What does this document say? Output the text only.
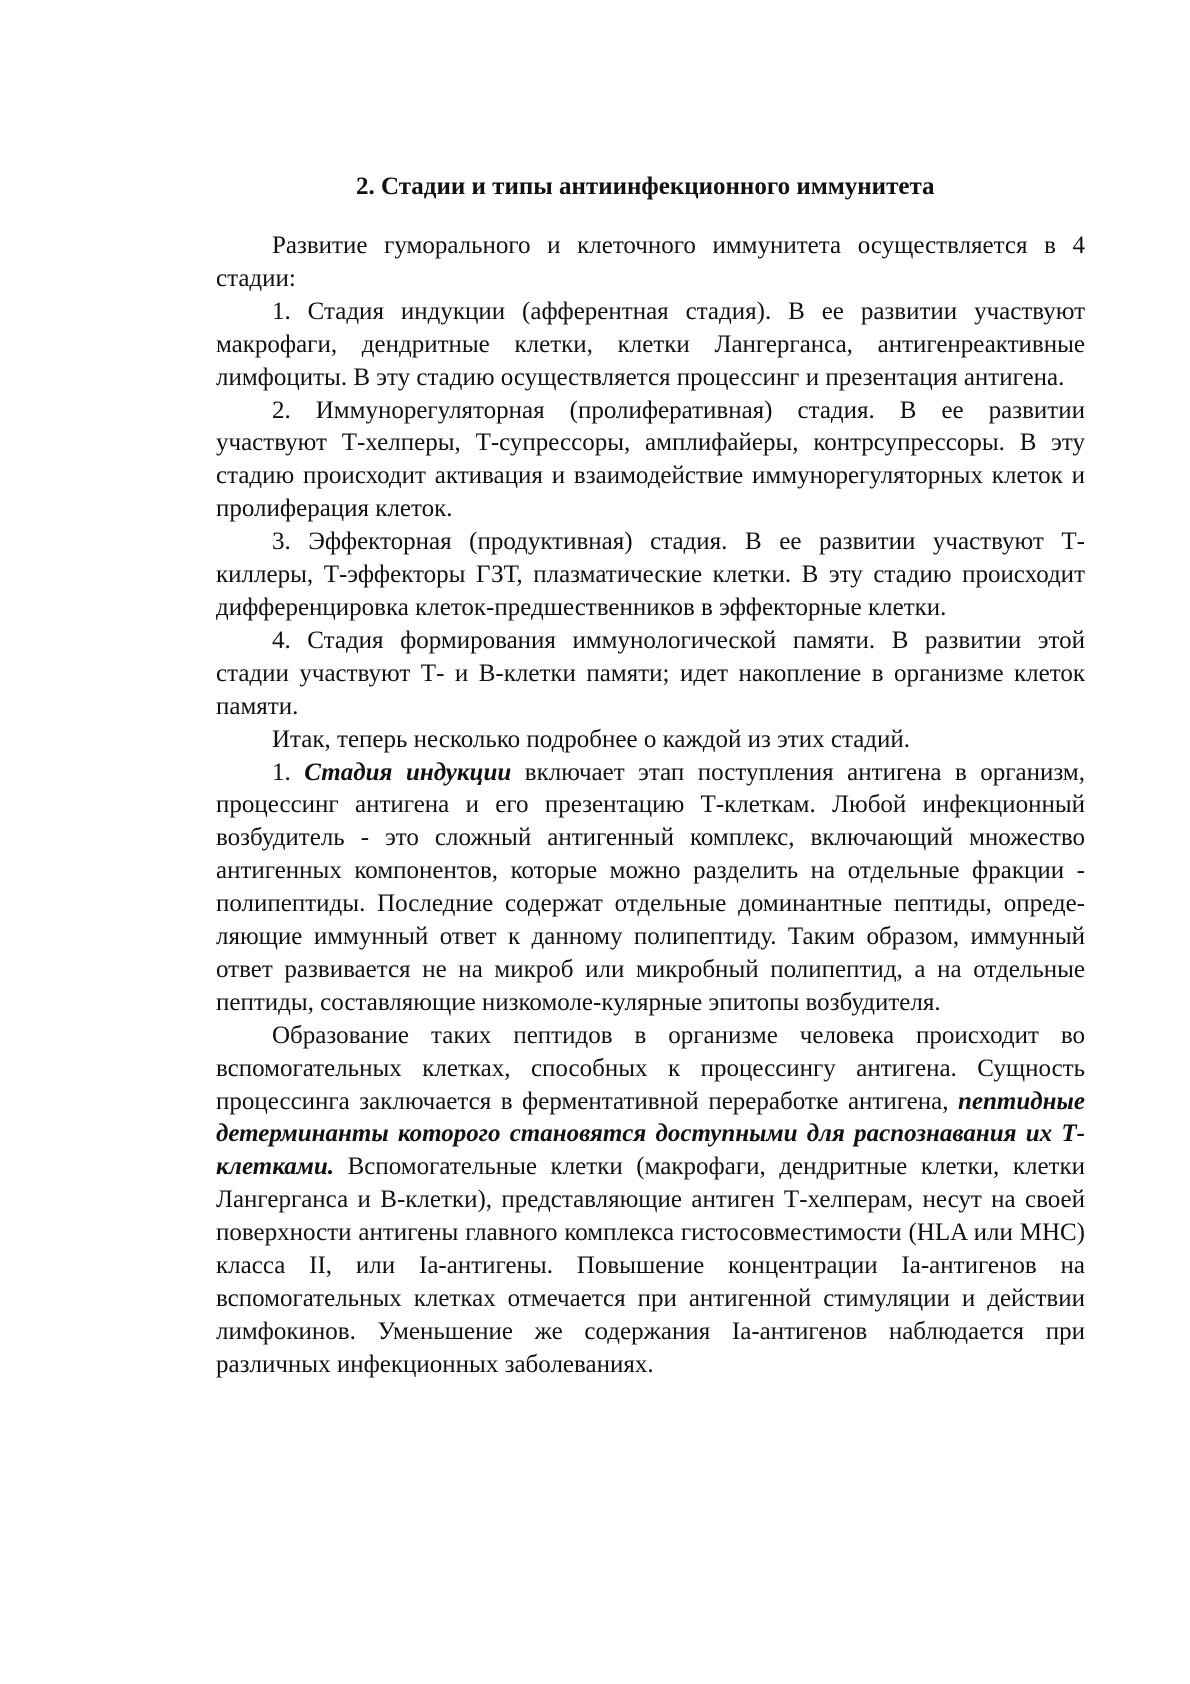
2. Стадии и типы антиинфекционного иммунитета

Развитие гуморального и клеточного иммунитета осуществляется в 4 стадии:

1. Стадия индукции (афферентная стадия). В ее развитии участвуют макрофаги, дендритные клетки, клетки Лангерганса, антигенреактивные лимфоциты. В эту стадию осуществляется процессинг и презентация антигена.

2. Иммунорегуляторная (пролиферативная) стадия. В ее развитии участвуют Т-хелперы, Т-супрессоры, амплифайеры, контрсупрессоры. В эту стадию происходит активация и взаимодействие иммунорегуляторных клеток и пролиферация клеток.

3. Эффекторная (продуктивная) стадия. В ее развитии участвуют Т-киллеры, Т-эффекторы ГЗТ, плазматические клетки. В эту стадию происходит дифференцировка клеток-предшественников в эффекторные клетки.

4. Стадия формирования иммунологической памяти. В развитии этой стадии участвуют Т- и В-клетки памяти; идет накопление в организме клеток памяти.

Итак, теперь несколько подробнее о каждой из этих стадий.

1. Стадия индукции включает этап поступления антигена в организм, процессинг антигена и его презентацию Т-клеткам. Любой инфекционный возбудитель - это сложный антигенный комплекс, включающий множество антигенных компонентов, которые можно разделить на отдельные фракции - полипептиды. Последние содержат отдельные доминантные пептиды, опреде-ляющие иммунный ответ к данному полипептиду. Таким образом, иммунный ответ развивается не на микроб или микробный полипептид, а на отдельные пептиды, составляющие низкомоле-кулярные эпитопы возбудителя.

Образование таких пептидов в организме человека происходит во вспомогательных клетках, способных к процессингу антигена. Сущность процессинга заключается в ферментативной переработке антигена, пептидные детерминанты которого становятся доступными для распознавания их Т-клетками. Вспомогательные клетки (макрофаги, дендритные клетки, клетки Лангерганса и В-клетки), представляющие антиген Т-хелперам, несут на своей поверхности антигены главного комплекса гистосовместимости (HLA или МНС) класса II, или Ia-антигены. Повышение концентрации Ia-антигенов на вспомогательных клетках отмечается при антигенной стимуляции и действии лимфокинов. Уменьшение же содержания Ia-антигенов наблюдается при различных инфекционных заболеваниях.
